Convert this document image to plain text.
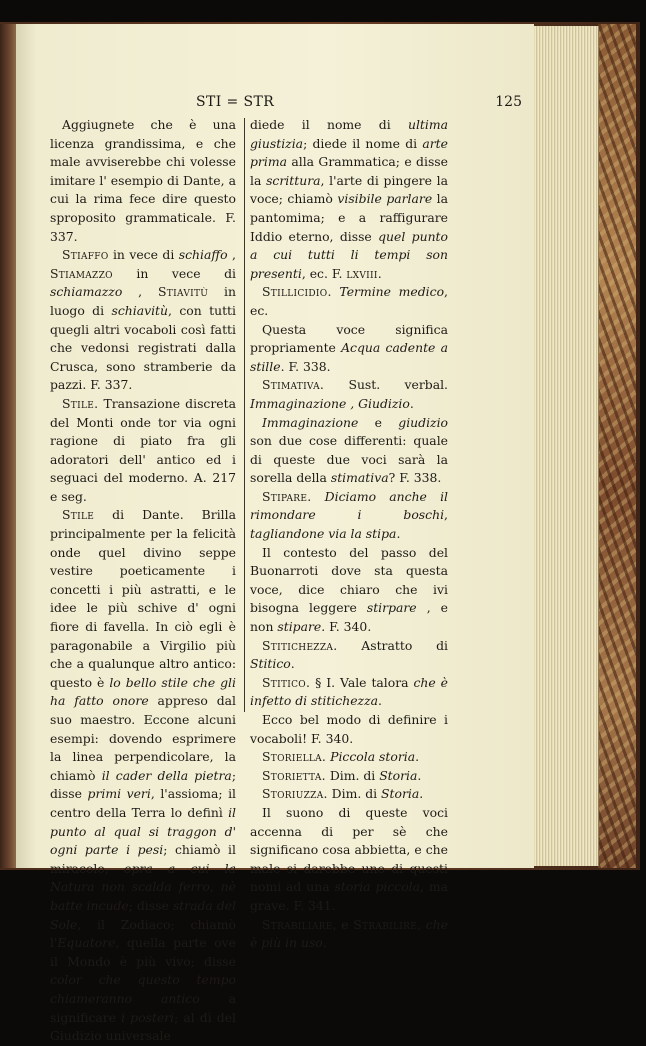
STI = STR	125

Aggiugnete che è una licenza grandissima, e che male avviserebbe chi volesse imitare l' esempio di Dante, a cui la rima fece dire questo sproposito grammaticale. F. 337.

Stiaffo in vece di schiaffo , Stiamazzo in vece di schiamazzo , Stiavitù in luogo di schiavitù, con tutti quegli altri vocaboli così fatti che vedonsi registrati dalla Crusca, sono stramberie da pazzi. F. 337.

Stile. Transazione discreta del Monti onde tor via ogni ragione di piato fra gli adoratori dell' antico ed i seguaci del moderno. A. 217 e seg.

Stile di Dante. Brilla principalmente per la felicità onde quel divino seppe vestire poeticamente i concetti i più astratti, e le idee le più schive d' ogni fiore di favella. In ciò egli è paragonabile a Virgilio più che a qualunque altro antico: questo è lo bello stile che gli ha fatto onore appreso dal suo maestro. Eccone alcuni esempi: dovendo esprimere la linea perpendicolare, la chiamò il cader della pietra; disse primi veri, l'assioma; il centro della Terra lo definì il punto al qual si traggon d' ogni parte i pesi; chiamò il miracolo, opra a cui la Natura non scalda ferro, nè batte incude; disse strada del Sole, il Zodiaco; chiamò l'Equatore, quella parte ove il Mondo è più vivo; disse color che questo tempo chiameranno antico a significare i posteri; al dì del Giudizio universale

diede il nome di ultima giustizia; diede il nome di arte prima alla Grammatica; e disse la scrittura, l'arte di pingere la voce; chiamò visibile parlare la pantomima; e a raffigurare Iddio eterno, disse quel punto a cui tutti li tempi son presenti, ec. F. lxviii.

Stillicidio. Termine medico, ec.

Questa voce significa propriamente Acqua cadente a stille. F. 338.

Stimativa. Sust. verbal. Immaginazione , Giudizio.

Immaginazione e giudizio son due cose differenti: quale di queste due voci sarà la sorella della stimativa? F. 338.

Stipare. Diciamo anche il rimondare i boschi, tagliandone via la stipa.

Il contesto del passo del Buonarroti dove sta questa voce, dice chiaro che ivi bisogna leggere stirpare , e non stipare. F. 340.

Stitichezza. Astratto di Stitico.

Stitico. § I. Vale talora che è infetto di stitichezza.

Ecco bel modo di definire i vocaboli! F. 340.

Storiella. Piccola storia.

Storietta. Dim. di Storia.

Storiuzza. Dim. di Storia.

Il suono di queste voci accenna di per sè che significano cosa abbietta, e che male si darebbe uno di questi nomi ad una storia piccola, ma grave. F. 341.

Strabiliare, e Strabilire, che è più in uso.
